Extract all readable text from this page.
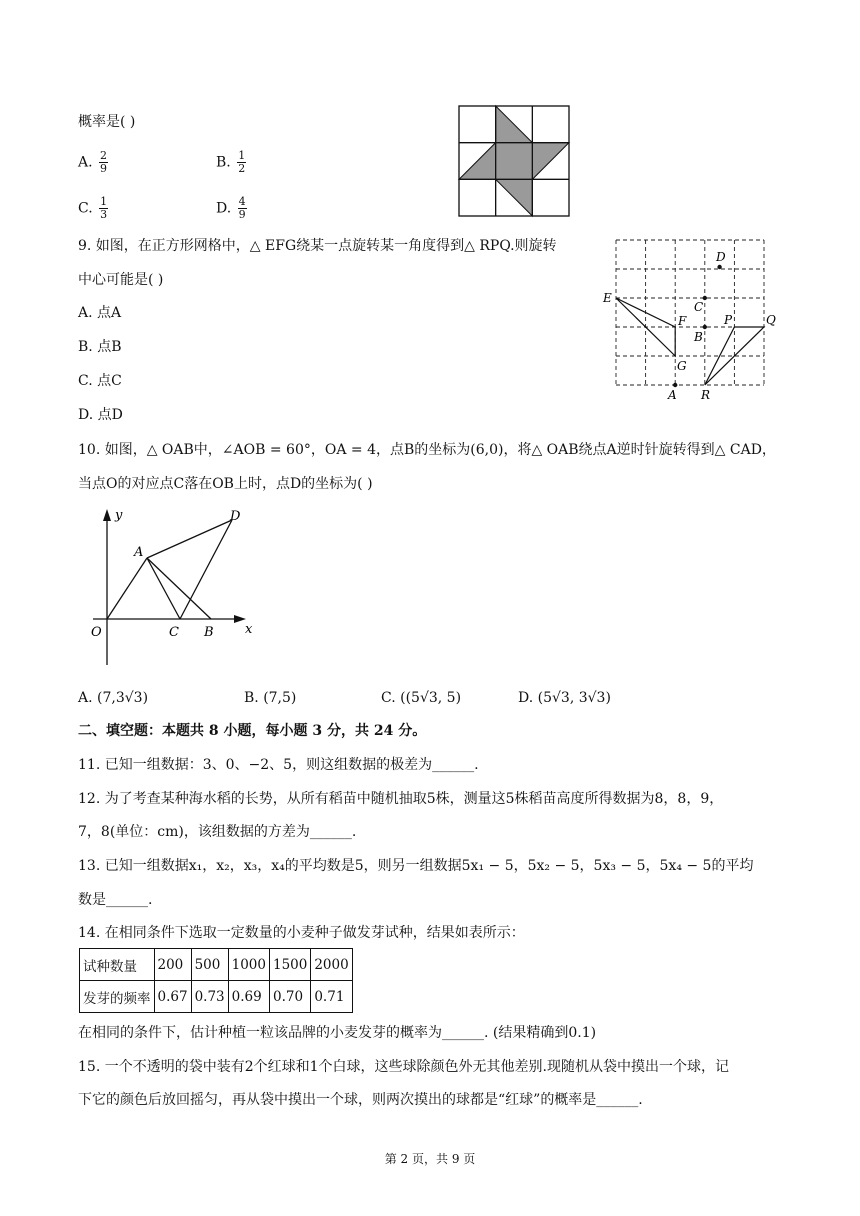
概率是( )
A. $\frac{2}{9}$	B. $\frac{1}{2}$
C. $\frac{1}{3}$	D. $\frac{4}{9}$
9. 如图，在正方形网格中，△ EFG绕某一点旋转某一角度得到△ RPQ.则旋转
中心可能是( )
A. 点A
B. 点B
C. 点C
D. 点D
E
F
G
C
B
A
D
P	Q
R
10. 如图，△ OAB中，∠AOB = 60°，OA = 4，点B的坐标为(6,0)，将△ OAB绕点A逆时针旋转得到△ CAD，
当点O的对应点C落在OB上时，点D的坐标为( )
y
x
O
A
C B
D
A. (7,3√3)	B. (7,5)	C. ((5√3, 5)	D. (5√3, 3√3)
二、填空题：本题共 8 小题，每小题 3 分，共 24 分。
11. 已知一组数据：3、0、−2、5，则这组数据的极差为______.
12. 为了考查某种海水稻的长势，从所有稻苗中随机抽取5株，测量这5株稻苗高度所得数据为8，8，9，
7，8(单位：cm)，该组数据的方差为______.
13. 已知一组数据x₁，x₂，x₃，x₄的平均数是5，则另一组数据5x₁ − 5，5x₂ − 5，5x₃ − 5，5x₄ − 5的平均
数是______.
14. 在相同条件下选取一定数量的小麦种子做发芽试种，结果如表所示：
试种数量	200	500	1000	1500	2000
发芽的频率	0.67	0.73	0.69	0.70	0.71
在相同的条件下，估计种植一粒该品牌的小麦发芽的概率为______. (结果精确到0.1)
15. 一个不透明的袋中装有2个红球和1个白球，这些球除颜色外无其他差别.现随机从袋中摸出一个球，记
下它的颜色后放回摇匀，再从袋中摸出一个球，则两次摸出的球都是“红球”的概率是______.
第 2 页，共 9 页
